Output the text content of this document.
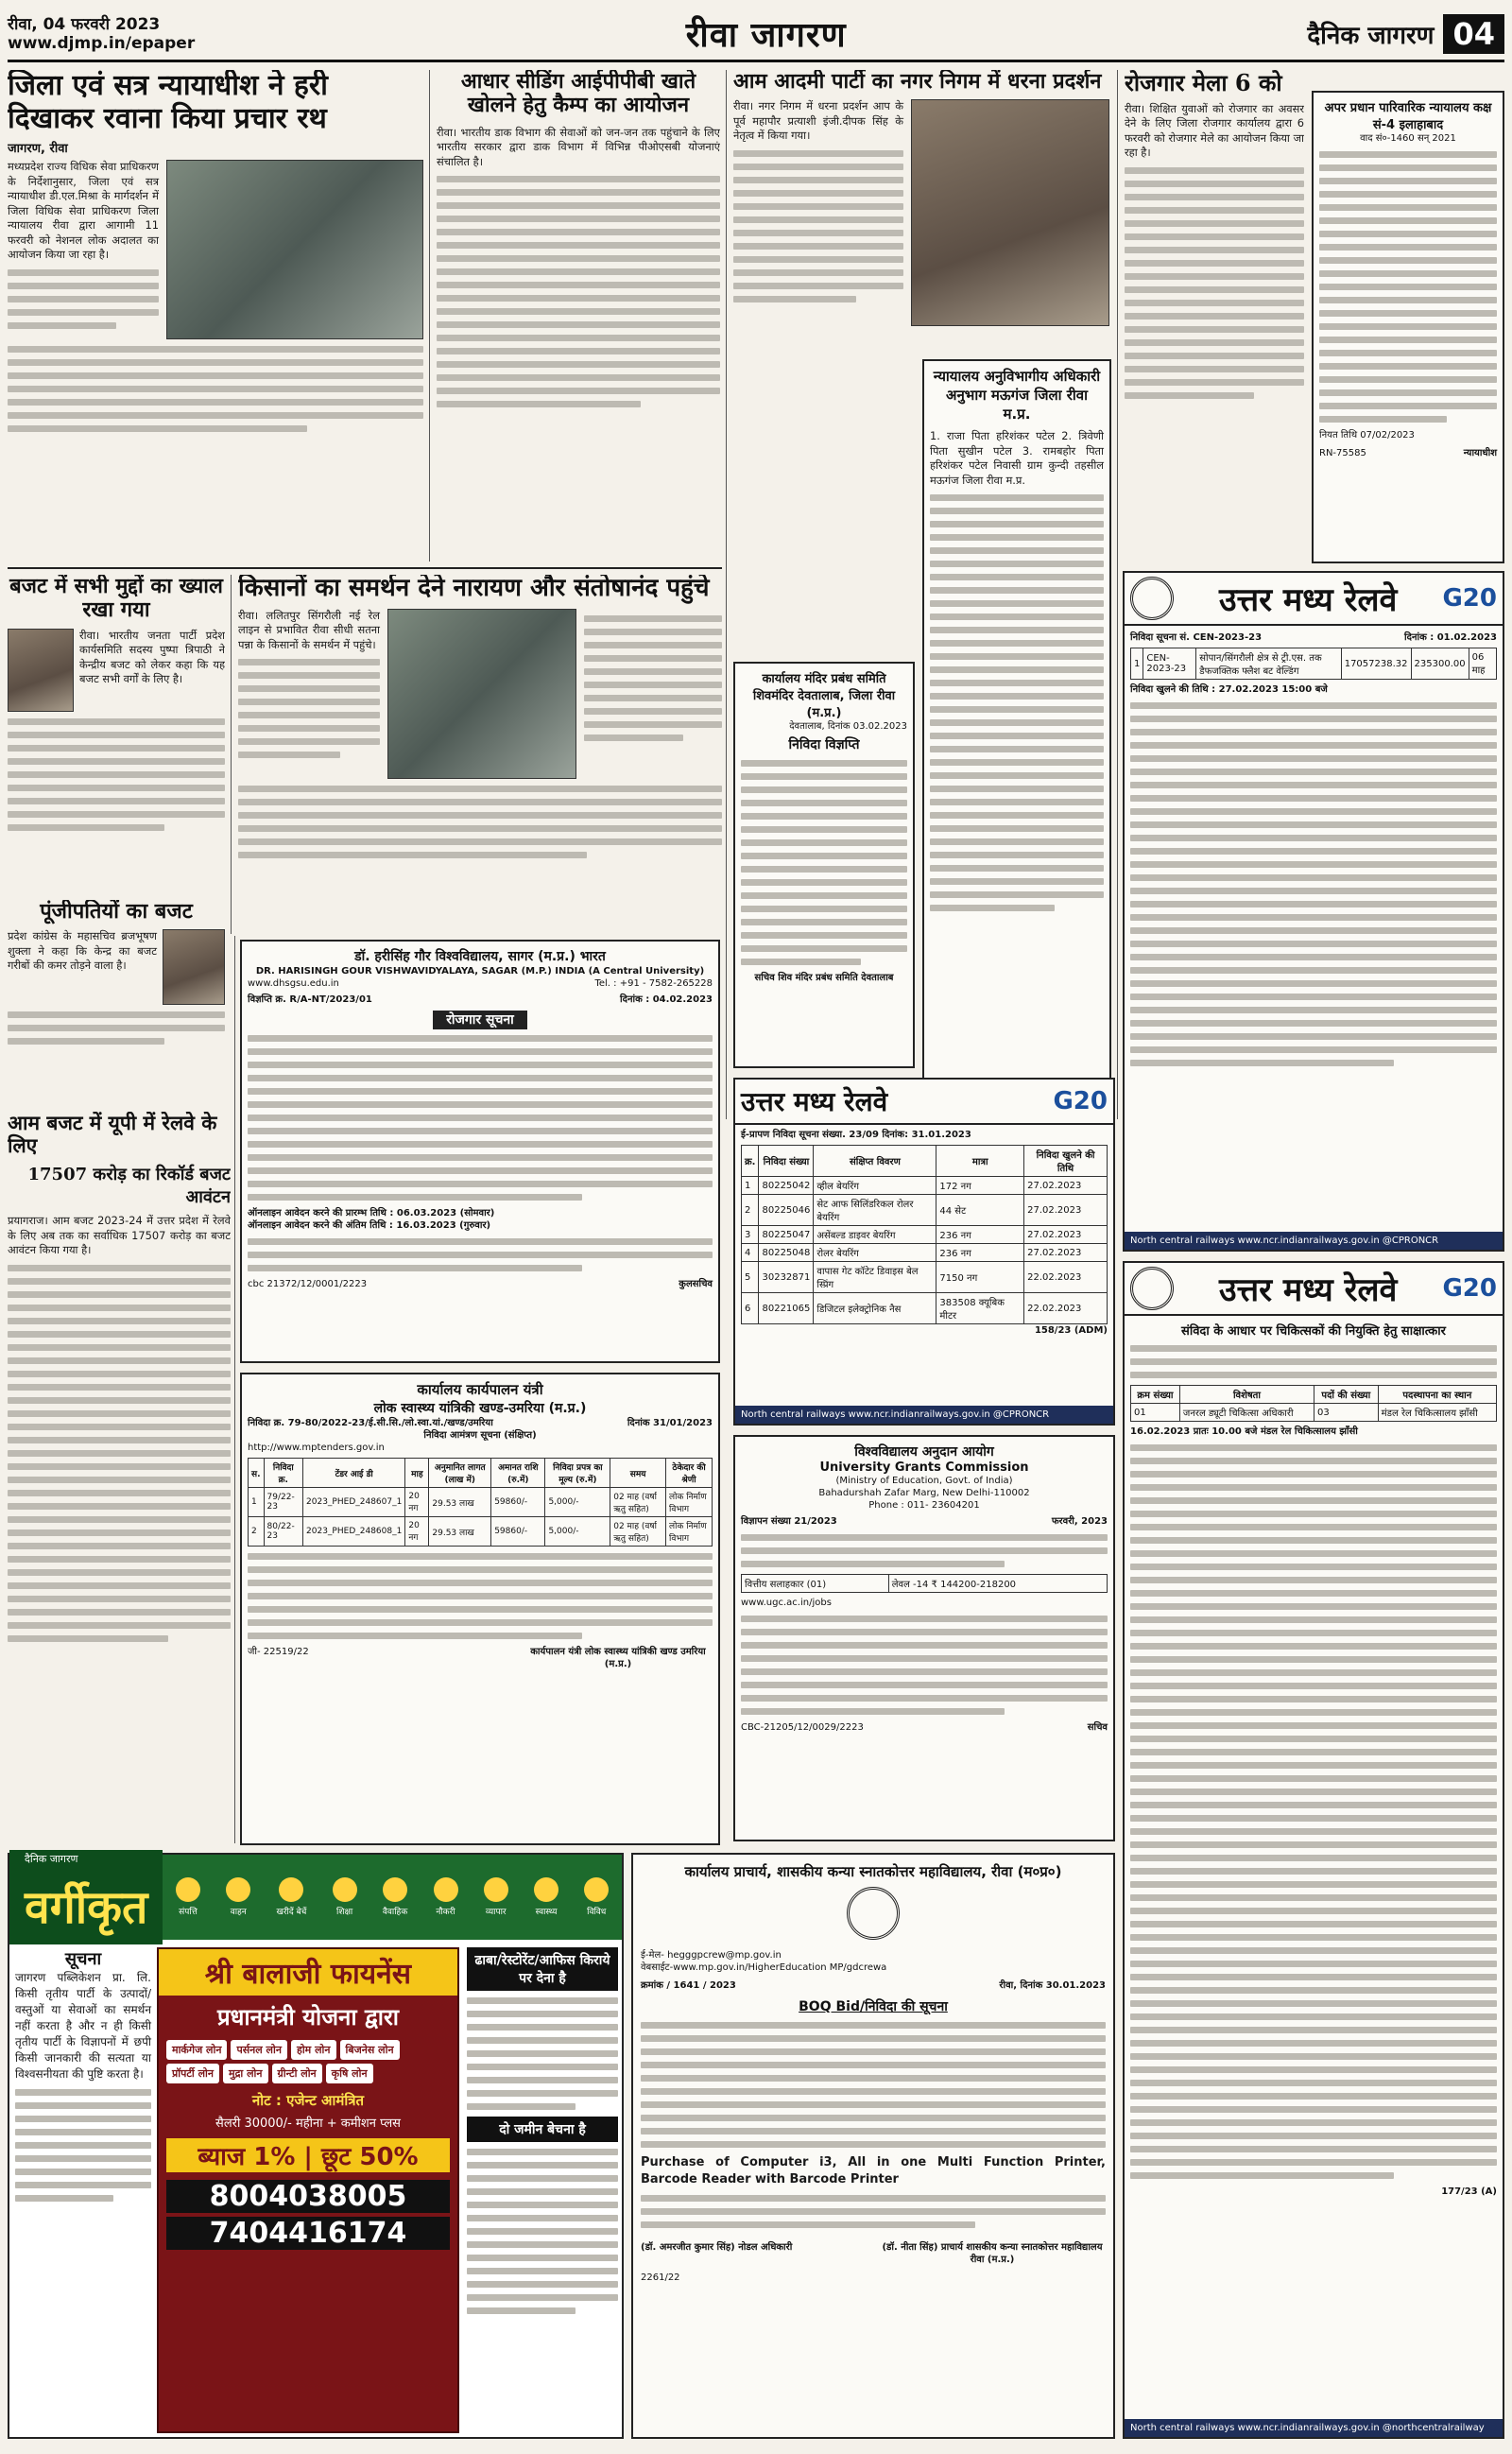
रीवा, 04 फरवरी 2023
www.djmp.in/epaper	रीवा जागरण	दैनिक जागरण 04
जिला एवं सत्र न्यायाधीश ने हरी दिखाकर रवाना किया प्रचार रथ
जागरण, रीवा
मध्यप्रदेश राज्य विधिक सेवा प्राधिकरण के निर्देशानुसार, जिला एवं सत्र न्यायाधीश डी.एल.मिश्रा के मार्गदर्शन में जिला विधिक सेवा प्राधिकरण जिला न्यायालय रीवा द्वारा आगामी 11 फरवरी को नेशनल लोक अदालत का आयोजन किया जा रहा है।
आधार सीडिंग आईपीपीबी खाते खोलने हेतु कैम्प का आयोजन
रीवा। भारतीय डाक विभाग की सेवाओं को जन-जन तक पहुंचाने के लिए भारतीय सरकार द्वारा डाक विभाग में विभिन्न पीओएसबी योजनाएं संचालित है।
आम आदमी पार्टी का नगर निगम में धरना प्रदर्शन
रीवा। नगर निगम में धरना प्रदर्शन आप के पूर्व महापौर प्रत्याशी इंजी.दीपक सिंह के नेतृत्व में किया गया।
रोजगार मेला 6 को
रीवा। शिक्षित युवाओं को रोजगार का अवसर देने के लिए जिला रोजगार कार्यालय द्वारा 6 फरवरी को रोजगार मेले का आयोजन किया जा रहा है।
अपर प्रधान पारिवारिक न्यायालय कक्ष सं-4 इलाहाबाद
वाद सं०-1460 सन् 2021
नियत तिथि 07/02/2023
RN-75585	न्यायाधीश
बजट में सभी मुद्दों का ख्याल रखा गया
रीवा। भारतीय जनता पार्टी प्रदेश कार्यसमिति सदस्य पुष्पा त्रिपाठी ने केन्द्रीय बजट को लेकर कहा कि यह बजट सभी वर्गों के लिए है।
किसानों का समर्थन देने नारायण और संतोषानंद पहुंचे
रीवा। ललितपुर सिंगरौली नई रेल लाइन से प्रभावित रीवा सीधी सतना पन्ना के किसानों के समर्थन में पहुंचे।
पूंजीपतियों का बजट
प्रदेश कांग्रेस के महासचिव ब्रजभूषण शुक्ला ने कहा कि केन्द्र का बजट गरीबों की कमर तोड़ने वाला है।
आम बजट में यूपी में रेलवे के लिए
17507 करोड़ का रिकॉर्ड बजट आवंटन
प्रयागराज। आम बजट 2023-24 में उत्तर प्रदेश में रेलवे के लिए अब तक का सर्वाधिक 17507 करोड़ का बजट आवंटन किया गया है।
डॉ. हरीसिंह गौर विश्वविद्यालय, सागर (म.प्र.) भारत
DR. HARISINGH GOUR VISHWAVIDYALAYA, SAGAR (M.P.) INDIA (A Central University)
www.dhsgsu.edu.in	Tel. : +91 - 7582-265228
विज्ञप्ति क्र. R/A-NT/2023/01	दिनांक : 04.02.2023
रोजगार सूचना
ऑनलाइन आवेदन करने की प्रारम्भ तिथि : 06.03.2023 (सोमवार)
ऑनलाइन आवेदन करने की अंतिम तिथि : 16.03.2023 (गुरुवार)
cbc 21372/12/0001/2223	कुलसचिव
कार्यालय मंदिर प्रबंध समिति शिवमंदिर देवतालाब, जिला रीवा (म.प्र.)
देवतालाब, दिनांक 03.02.2023
निविदा विज्ञप्ति
सचिव शिव मंदिर प्रबंध समिति देवतालाब
न्यायालय अनुविभागीय अधिकारी अनुभाग मऊगंज जिला रीवा म.प्र.
1. राजा पिता हरिशंकर पटेल 2. त्रिवेणी पिता सुखीन पटेल 3. रामबहोर पिता हरिशंकर पटेल निवासी ग्राम कुन्दी तहसील मऊगंज जिला रीवा म.प्र.
उत्तर मध्य रेलवे G20
निविदा सूचना सं. CEN-2023-23	दिनांक : 01.02.2023
1	CEN-2023-23	सोपान/सिंगरौली क्षेत्र से ट्री.एस. तक डैफजक्तिक फ्लैश बट वेल्डिंग	17057238.32	235300.00	06 माह
निविदा खुलने की तिथि : 27.02.2023 15:00 बजे
North central railways www.ncr.indianrailways.gov.in @CPRONCR
उत्तर मध्य रेलवे	G20
ई-प्रापण निविदा सूचना संख्या. 23/09 दिनांक: 31.01.2023
क्र.	निविदा संख्या	संक्षिप्त विवरण	मात्रा	निविदा खुलने की तिथि
1	80225042	व्हील बेयरिंग	172 नग	27.02.2023
2	80225046	सेट आफ सिलिंडरिकल रोलर बेयरिंग	44 सेट	27.02.2023
3	80225047	असेंबल्ड डाइवर बेयरिंग	236 नग	27.02.2023
4	80225048	रोलर बेयरिंग	236 नग	27.02.2023
5	30232871	वापास गेट कॉटेट डिवाइस बेल स्प्रिंग	7150 नग	22.02.2023
6	80221065	डिजिटल इलेक्ट्रोनिक नैस	383508 क्यूबिक मीटर	22.02.2023
158/23 (ADM)
North central railways www.ncr.indianrailways.gov.in @CPRONCR
कार्यालय कार्यपालन यंत्री
लोक स्वास्थ्य यांत्रिकी खण्ड-उमरिया (म.प्र.)
निविदा क्र. 79-80/2022-23/ई.सी.सि./लो.स्वा.यां./खण्ड/उमरिया	दिनांक 31/01/2023
निविदा आमंत्रण सूचना (संक्षिप्त)
http://www.mptenders.gov.in
स.	निविदा क्र.	टेंडर आई डी	माह	अनुमानित लागत (लाख में)	अमानत राशि (रु.में)	निविदा प्रपत्र का मूल्य (रु.में)	समय	ठेकेदार की श्रेणी
1	79/22-23	2023_PHED_248607_1	20 नग	29.53 लाख	59860/-	5,000/-	02 माह (वर्षा ऋतु सहित)	लोक निर्माण विभाग
2	80/22-23	2023_PHED_248608_1	20 नग	29.53 लाख	59860/-	5,000/-	02 माह (वर्षा ऋतु सहित)	लोक निर्माण विभाग
जी- 22519/22	कार्यपालन यंत्री लोक स्वास्थ्य यांत्रिकी खण्ड उमरिया (म.प्र.)
विश्वविद्यालय अनुदान आयोग
University Grants Commission
(Ministry of Education, Govt. of India)
Bahadurshah Zafar Marg, New Delhi-110002
Phone : 011- 23604201
विज्ञापन संख्या 21/2023	फरवरी, 2023
वित्तीय सलाहकार (01)	लेवल -14 ₹ 144200-218200
www.ugc.ac.in/jobs
CBC-21205/12/0029/2223	सचिव
उत्तर मध्य रेलवे G20
संविदा के आधार पर चिकित्सकों की नियुक्ति हेतु साक्षात्कार
क्रम संख्या	विशेषता	पदों की संख्या	पदस्थापना का स्थान
01	जनरल ड्यूटी चिकित्सा अधिकारी	03	मंडल रेल चिकित्सालय झाँसी
16.02.2023 प्रातः 10.00 बजे मंडल रेल चिकित्सालय झाँसी
177/23 (A)
North central railways www.ncr.indianrailways.gov.in @northcentralrailway
कार्यालय प्राचार्य, शासकीय कन्या स्नातकोत्तर महाविद्यालय, रीवा (म०प्र०)
ई-मेल- hegggpcrew@mp.gov.in
वेबसाईट-www.mp.gov.in/HigherEducation MP/gdcrewa
क्रमांक / 1641 / 2023	रीवा, दिनांक 30.01.2023
BOQ Bid/निविदा की सूचना
Purchase of Computer i3, All in one Multi Function Printer, Barcode Reader with Barcode Printer
(डॉ. अमरजीत कुमार सिंह) नोडल अधिकारी	(डॉ. नीता सिंह) प्राचार्य शासकीय कन्या स्नातकोत्तर महाविद्यालय रीवा (म.प्र.)
2261/22
दैनिक जागरण
वर्गीकृत	संपत्ति	वाहन	खरीदें बेचें	शिक्षा	वैवाहिक	नौकरी	व्यापार	स्वास्थ्य	विविध
सूचना
जागरण पब्लिकेशन प्रा. लि. किसी तृतीय पार्टी के उत्पादों/वस्तुओं या सेवाओं का समर्थन नहीं करता है और न ही किसी तृतीय पार्टी के विज्ञापनों में छपी किसी जानकारी की सत्यता या विश्वसनीयता की पुष्टि करता है।
श्री बालाजी फायनेंस
प्रधानमंत्री योजना द्वारा
मार्कगेज लोन	पर्सनल लोन	होम लोन	बिजनेस लोन
प्रॉपर्टी लोन	मुद्रा लोन	ग्रीन्टी लोन	कृषि लोन
नोट : एजेन्ट आमंत्रित
सैलरी 30000/- महीना + कमीशन प्लस
ब्याज 1% | छूट 50%
8004038005
7404416174
ढाबा/रेस्टोरेंट/आफिस किराये पर देना है
दो जमीन बेचना है
